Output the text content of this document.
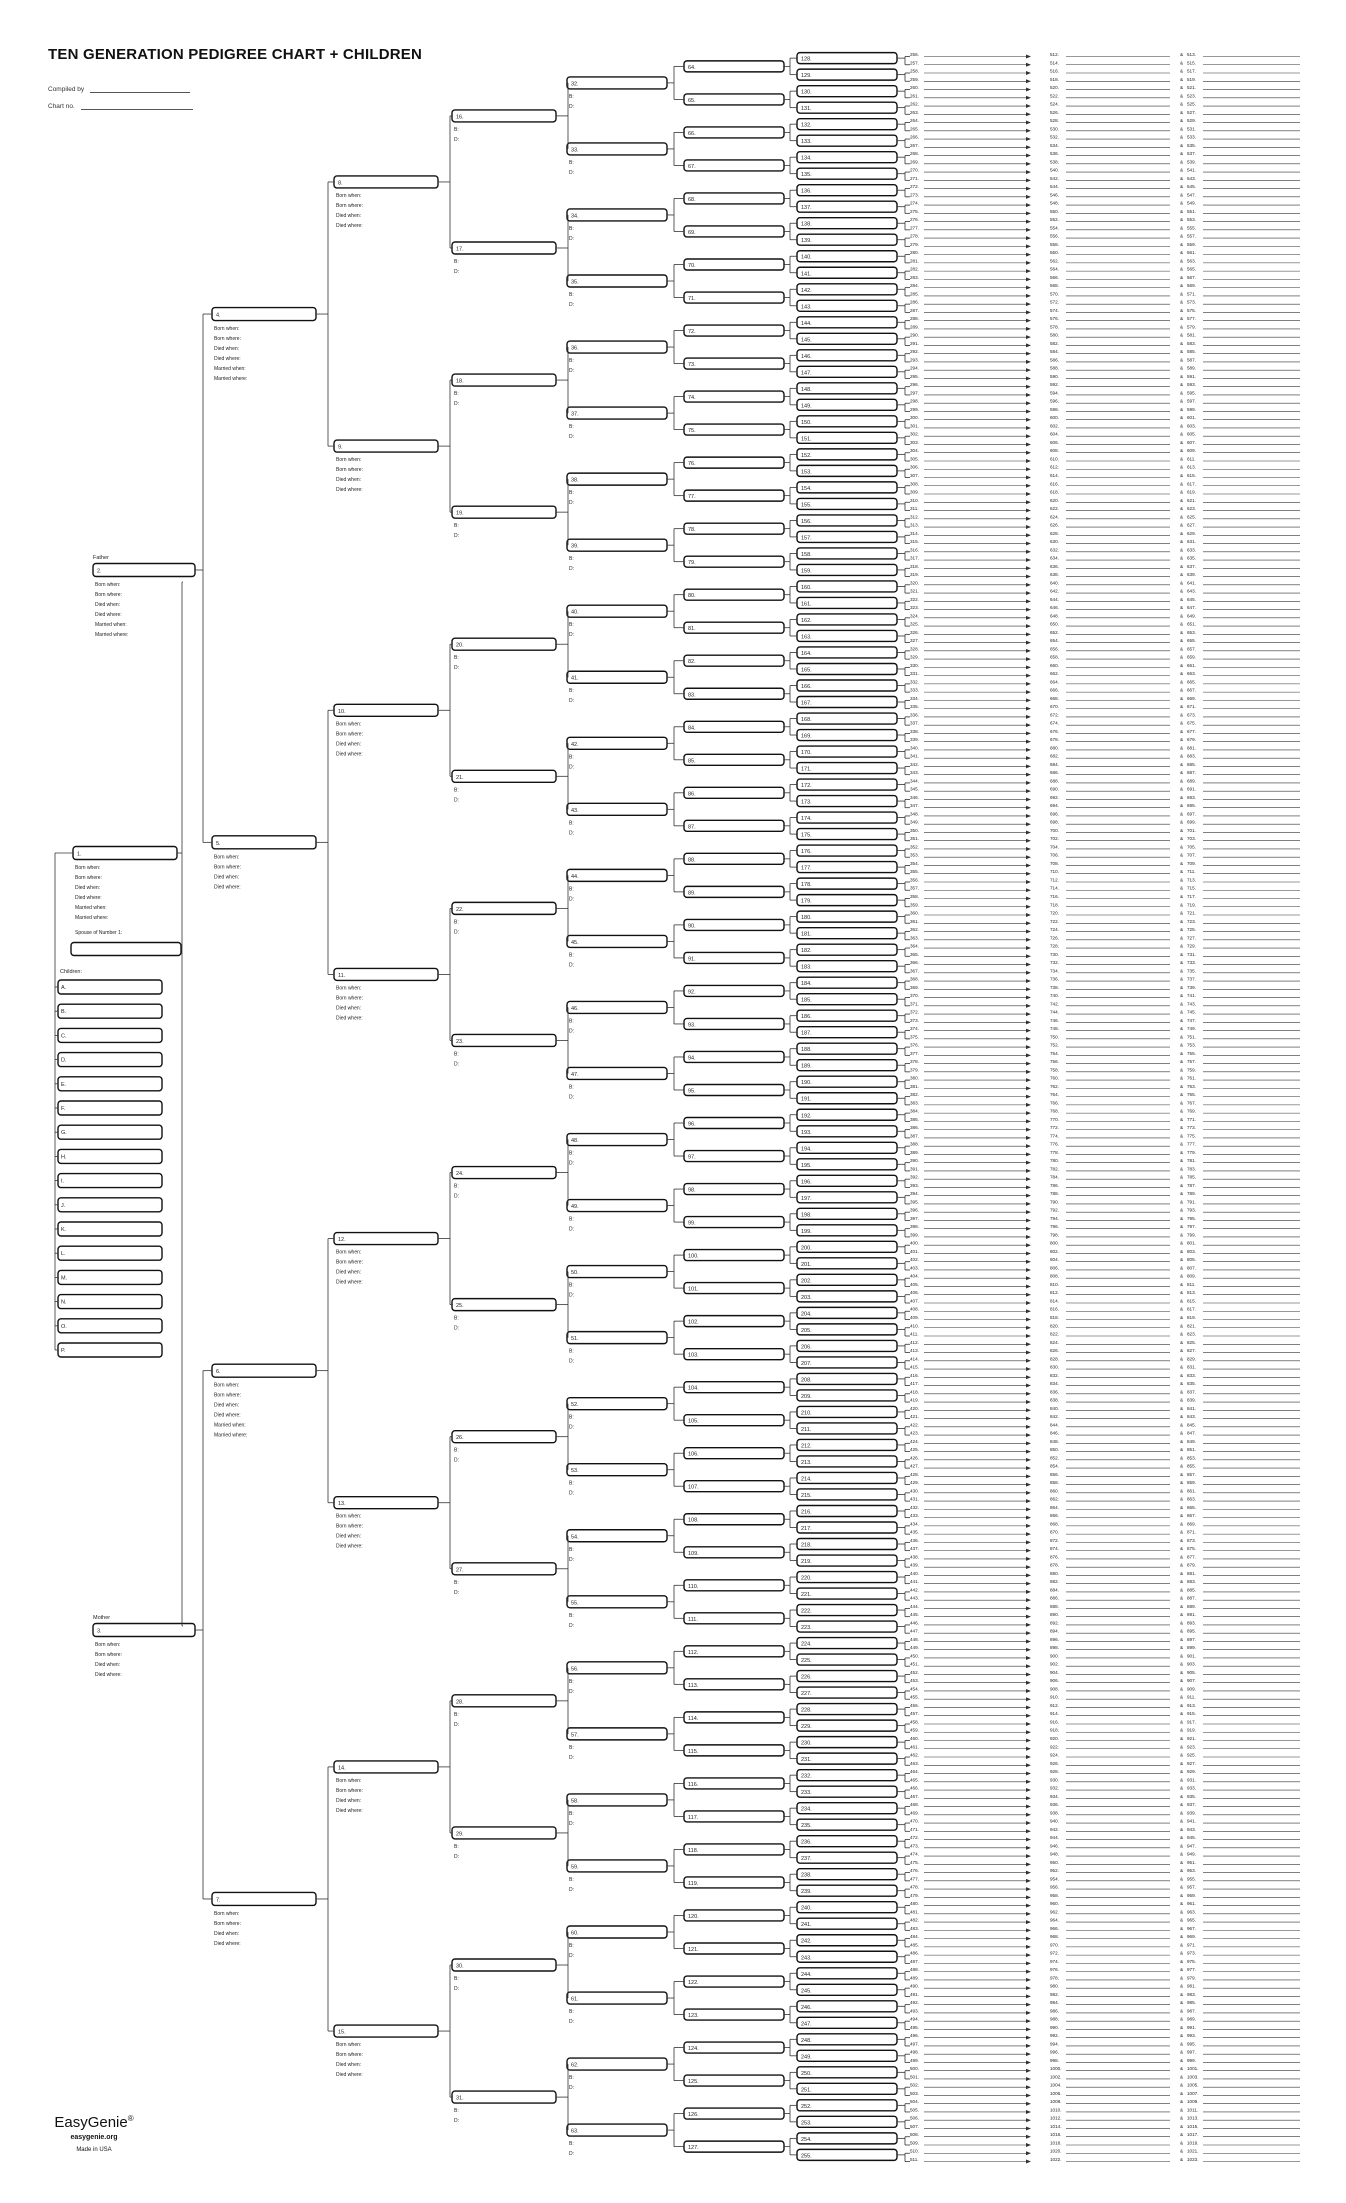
256.	512.	& 513.
257.	514.	& 515.
258.	516.	& 517.
259.	518.	& 519.
260.	520.	& 521.
261.	522.	& 523.
262.	524.	& 525.
263.	526.	& 527.
264.	528.	& 529.
265.	530.	& 531.
266.	532.	& 533.
267.	534.	& 535.
268.	536.	& 537.
269.	538.	& 539.
270.	540.	& 541.
271.	542.	& 543.
272.	544.	& 545.
273.	546.	& 547.
274.	548.	& 549.
275.	550.	& 551.
276.	552.	& 553.
277.	554.	& 555.
278.	556.	& 557.
279.	558.	& 559.
280.	560.	& 561.
281.	562.	& 563.
282.	564.	& 565.
283.	566.	& 567.
284.	568.	& 569.
285.	570.	& 571.
286.	572.	& 573.
287.	574.	& 575.
288.	576.	& 577.
289.	578.	& 579.
290.	580.	& 581.
291.	582.	& 583.
292.	584.	& 585.
293.	586.	& 587.
294.	588.	& 589.
295.	590.	& 591.
296.	592.	& 593.
297.	594.	& 595.
298.	596.	& 597.
299.	598.	& 599.
300.	600.	& 601.
301.	602.	& 603.
302.	604.	& 605.
303.	606.	& 607.
304.	608.	& 609.
305.	610.	& 611.
306.	612.	& 613.
307.	614.	& 615.
308.	616.	& 617.
309.	618.	& 619.
310.	620.	& 621.
311.	622.	& 623.
312.	624.	& 625.
313.	626.	& 627.
314.	628.	& 629.
315.	630.	& 631.
316.	632.	& 633.
317.	634.	& 635.
318.	636.	& 637.
319.	638.	& 639.
320.	640.	& 641.
321.	642.	& 643.
322.	644.	& 645.
323.	646.	& 647.
324.	648.	& 649.
325.	650.	& 651.
326.	652.	& 653.
327.	654.	& 655.
328.	656.	& 657.
329.	658.	& 659.
330.	660.	& 661.
331.	662.	& 663.
332.	664.	& 665.
333.	666.	& 667.
334.	668.	& 669.
335.	670.	& 671.
336.	672.	& 673.
337.	674.	& 675.
338.	676.	& 677.
339.	678.	& 679.
340.	680.	& 681.
341.	682.	& 683.
342.	684.	& 685.
343.	686.	& 687.
344.	688.	& 689.
345.	690.	& 691.
346.	692.	& 693.
347.	694.	& 695.
348.	696.	& 697.
349.	698.	& 699.
350.	700.	& 701.
351.	702.	& 703.
352.	704.	& 705.
353.	706.	& 707.
354.	708.	& 709.
355.	710.	& 711.
356.	712.	& 713.
357.	714.	& 715.
358.	716.	& 717.
359.	718.	& 719.
360.	720.	& 721.
361.	722.	& 723.
362.	724.	& 725.
363.	726.	& 727.
364.	728.	& 729.
365.	730.	& 731.
366.	732.	& 733.
367.	734.	& 735.
368.	736.	& 737.
369.	738.	& 739.
370.	740.	& 741.
371.	742.	& 743.
372.	744.	& 745.
373.	746.	& 747.
374.	748.	& 749.
375.	750.	& 751.
376.	752.	& 753.
377.	754.	& 755.
378.	756.	& 757.
379.	758.	& 759.
380.	760.	& 761.
381.	762.	& 763.
382.	764.	& 765.
383.	766.	& 767.
384.	768.	& 769.
385.	770.	& 771.
386.	772.	& 773.
387.	774.	& 775.
388.	776.	& 777.
389.	778.	& 779.
390.	780.	& 781.
391.	782.	& 783.
392.	784.	& 785.
393.	786.	& 787.
394.	788.	& 789.
395.	790.	& 791.
396.	792.	& 793.
397.	794.	& 795.
398.	796.	& 797.
399.	798.	& 799.
400.	800.	& 801.
401.	802.	& 803.
402.	804.	& 805.
403.	806.	& 807.
404.	808.	& 809.
405.	810.	& 811.
406.	812.	& 813.
407.	814.	& 815.
408.	816.	& 817.
409.	818.	& 819.
410.	820.	& 821.
411.	822.	& 823.
412.	824.	& 825.
413.	826.	& 827.
414.	828.	& 829.
415.	830.	& 831.
416.	832.	& 833.
417.	834.	& 835.
418.	836.	& 837.
419.	838.	& 839.
420.	840.	& 841.
421.	842.	& 843.
422.	844.	& 845.
423.	846.	& 847.
424.	848.	& 849.
425.	850.	& 851.
426.	852.	& 853.
427.	854.	& 855.
428.	856.	& 857.
429.	858.	& 859.
430.	860.	& 861.
431.	862.	& 863.
432.	864.	& 865.
433.	866.	& 867.
434.	868.	& 869.
435.	870.	& 871.
436.	872.	& 873.
437.	874.	& 875.
438.	876.	& 877.
439.	878.	& 879.
440.	880.	& 881.
441.	882.	& 883.
442.	884.	& 885.
443.	886.	& 887.
444.	888.	& 889.
445.	890.	& 891.
446.	892.	& 893.
447.	894.	& 895.
448.	896.	& 897.
449.	898.	& 899.
450.	900.	& 901.
451.	902.	& 903.
452.	904.	& 905.
453.	906.	& 907.
454.	908.	& 909.
455.	910.	& 911.
456.	912.	& 913.
457.	914.	& 915.
458.	916.	& 917.
459.	918.	& 919.
460.	920.	& 921.
461.	922.	& 923.
462.	924.	& 925.
463.	926.	& 927.
464.	928.	& 929.
465.	930.	& 931.
466.	932.	& 933.
467.	934.	& 935.
468.	936.	& 937.
469.	938.	& 939.
470.	940.	& 941.
471.	942.	& 943.
472.	944.	& 945.
473.	946.	& 947.
474.	948.	& 949.
475.	950.	& 951.
476.	952.	& 953.
477.	954.	& 955.
478.	956.	& 957.
479.	958.	& 959.
480.	960.	& 961.
481.	962.	& 963.
482.	964.	& 965.
483.	966.	& 967.
484.	968.	& 969.
485.	970.	& 971.
486.	972.	& 973.
487.	974.	& 975.
488.	976.	& 977.
489.	978.	& 979.
490.	980.	& 981.
491.	982.	& 983.
492.	984.	& 985.
493.	986.	& 987.
494.	988.	& 989.
495.	990.	& 991.
496.	992.	& 993.
497.	994.	& 995.
498.	996.	& 997.
499.	998.	& 999.
500.	1000.	& 1001.
501.	1002.	& 1003.
502.	1004.	& 1005.
503.	1006.	& 1007.
504.	1008.	& 1009.
505.	1010.	& 1011.
506.	1012.	& 1013.
507.	1014.	& 1015.
508.	1016.	& 1017.
509.	1018.	& 1019.
510.	1020.	& 1021.
511.	1022.	& 1023.
128.
129.
130.
131.
132.
133.
134.
135.
136.
137.
138.
139.
140.
141.
142.
143.
144.
145.
146.
147.
148.
149.
150.
151.
152.
153.
154.
155.
156.
157.
158.
159.
160.
161.
162.
163.
164.
165.
166.
167.
168.
169.
170.
171.
172.
173.
174.
175.
176.
177.
178.
179.
180.
181.
182.
183.
184.
185.
186.
187.
188.
189.
190.
191.
192.
193.
194.
195.
196.
197.
198.
199.
200.
201.
202.
203.
204.
205.
206.
207.
208.
209.
210.
211.
212.
213.
214.
215.
216.
217.
218.
219.
220.
221.
222.
223.
224.
225.
226.
227.
228.
229.
230.
231.
232.
233.
234.
235.
236.
237.
238.
239.
240.
241.
242.
243.
244.
245.
246.
247.
248.
249.
250.
251.
252.
253.
254.
255.
64.
65.
66.
67.
68.
69.
70.
71.
72.
73.
74.
75.
76.
77.
78.
79.
80.
81.
82.
83.
84.
85.
86.
87.
88.
89.
90.
91.
92.
93.
94.
95.
96.
97.
98.
99.
100.
101.
102.
103.
104.
105.
106.
107.
108.
109.
110.
111.
112.
113.
114.
115.
116.
117.
118.
119.
120.
121.
122.
123.
124.
125.
126.
127.
32.
B:
D:
33.
B:
D:
34.
B:
D:
35.
B:
D:
36.
B:
D:
37.
B:
D:
38.
B:
D:
39.
B:
D:
40.
B:
D:
41.
B:
D:
42.
B:
D:
43.
B:
D:
44.
B:
D:
45.
B:
D:
46.
B:
D:
47.
B:
D:
48.
B:
D:
49.
B:
D:
50.
B:
D:
51.
B:
D:
52.
B:
D:
53.
B:
D:
54.
B:
D:
55.
B:
D:
56.
B:
D:
57.
B:
D:
58.
B:
D:
59.
B:
D:
60.
B:
D:
61.
B:
D:
62.
B:
D:
63.
B:
D:
16.
B:
D:
17.
B:
D:
18.
B:
D:
19.
B:
D:
20.
B:
D:
21.
B:
D:
22.
B:
D:
23.
B:
D:
24.
B:
D:
25.
B:
D:
26.
B:
D:
27.
B:
D:
28.
B:
D:
29.
B:
D:
30.
B:
D:
31.
B:
D:
8.
Born when:
Born where:
Died when:
Died where:
9.
Born when:
Born where:
Died when:
Died where:
10.
Born when:
Born where:
Died when:
Died where:
11.
Born when:
Born where:
Died when:
Died where:
12.
Born when:
Born where:
Died when:
Died where:
13.
Born when:
Born where:
Died when:
Died where:
14.
Born when:
Born where:
Died when:
Died where:
15.
Born when:
Born where:
Died when:
Died where:
4.
Born when:
Born where:
Died when:
Died where:
Married when:
Married where:
5.
Born when:
Born where:
Died when:
Died where:
6.
Born when:
Born where:
Died when:
Died where:
Married when:
Married where:
7.
Born when:
Born where:
Died when:
Died where:
Father
2.
Born when:
Born where:
Died when:
Died where:
Married when:
Married where:
Mother
3.
Born when:
Born where:
Died when:
Died where:
1.
Born when:
Born where:
Died when:
Died where:
Married when:
Married where:
Spouse of Number 1:
Children:
A.
B.
C.
D.
E.
F.
G.
H.
I.
J.
K.
L.
M.
N.
O.
P.
TEN GENERATION PEDIGREE CHART + CHILDREN
Compiled by
Chart no.
EasyGenie®
easygenie.org
Made in USA
